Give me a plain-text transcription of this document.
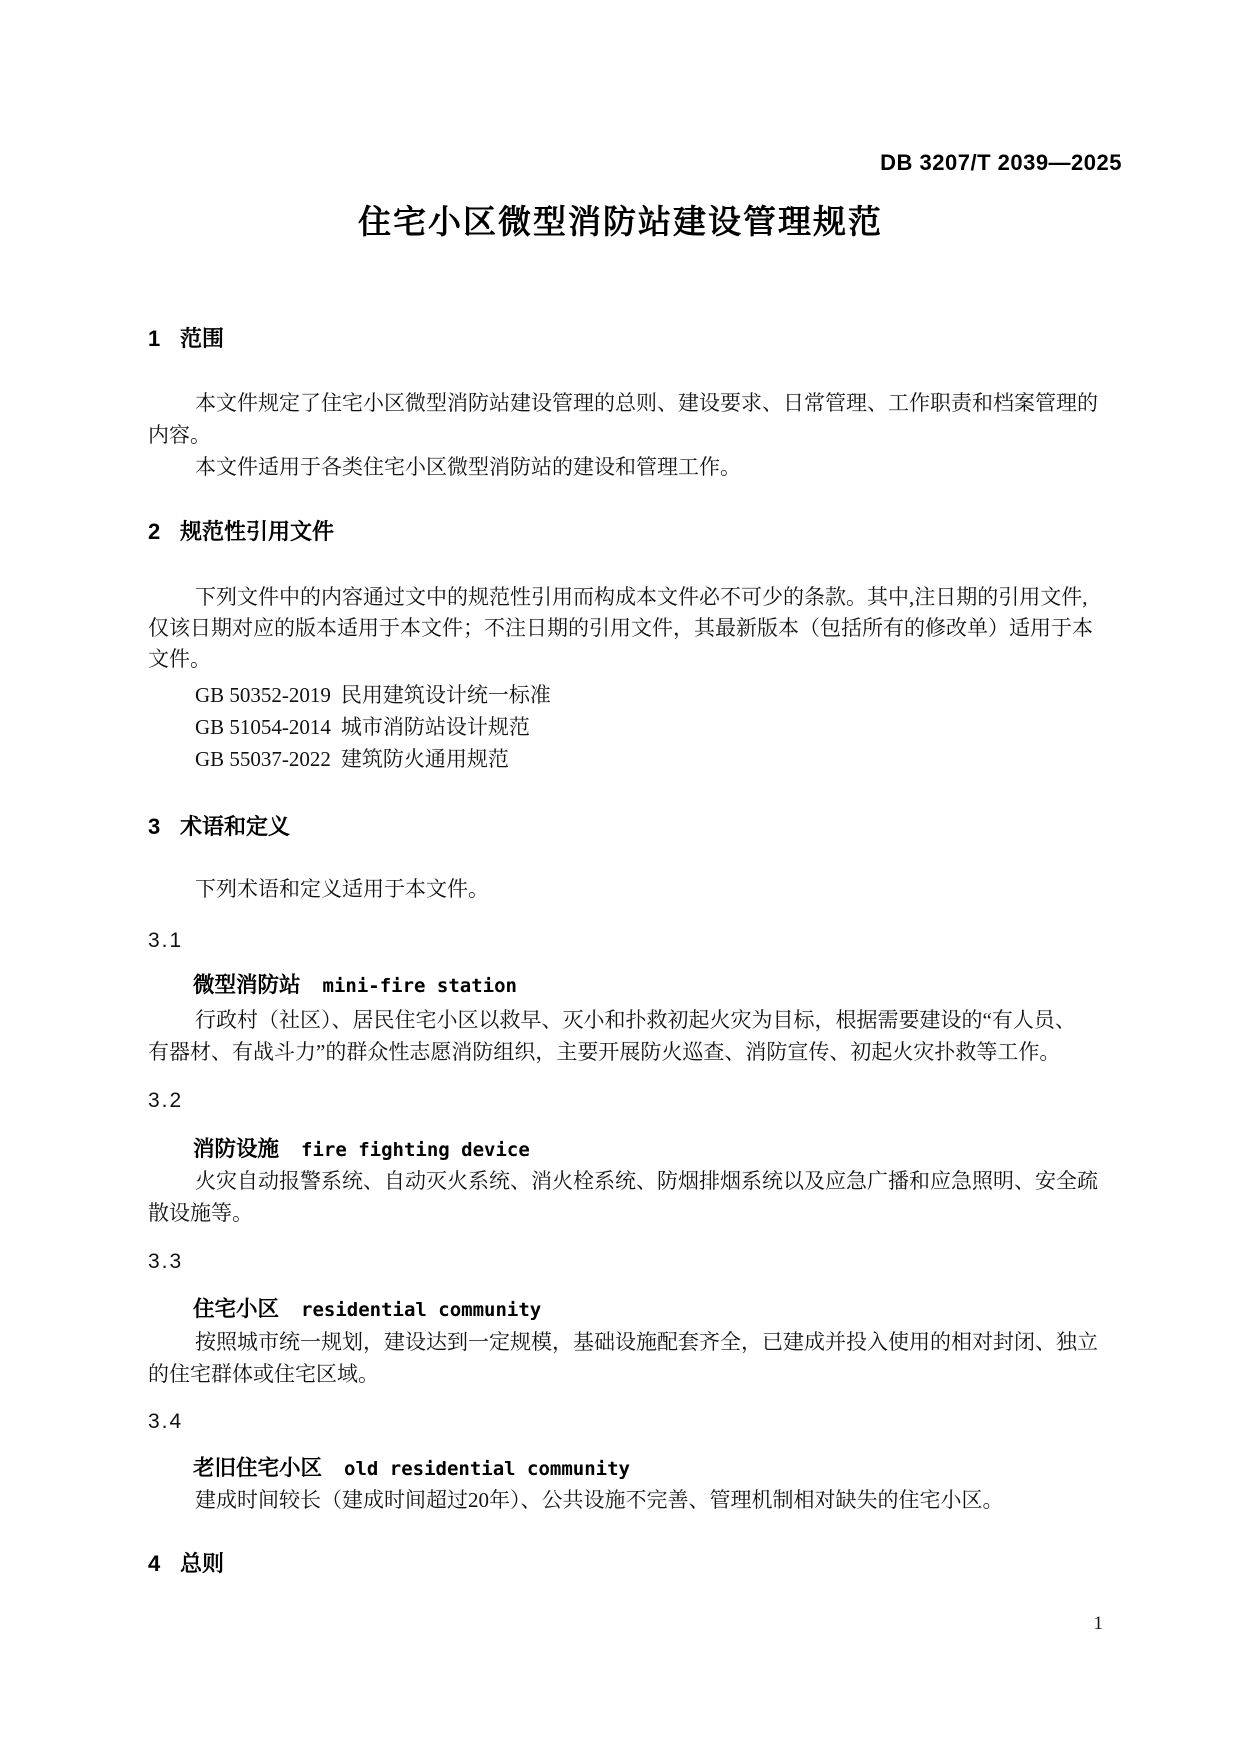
DB 3207/T 2039—2025
住宅小区微型消防站建设管理规范
1 范围
本文件规定了住宅小区微型消防站建设管理的总则、建设要求、日常管理、工作职责和档案管理的
内容。
本文件适用于各类住宅小区微型消防站的建设和管理工作。
2 规范性引用文件
下列文件中的内容通过文中的规范性引用而构成本文件必不可少的条款。其中,注日期的引用文件,
仅该日期对应的版本适用于本文件；不注日期的引用文件，其最新版本（包括所有的修改单）适用于本
文件。
GB 50352-2019 民用建筑设计统一标准
GB 51054-2014 城市消防站设计规范
GB 55037-2022 建筑防火通用规范
3 术语和定义
下列术语和定义适用于本文件。
3.1
微型消防站 mini-fire station
行政村（社区）、居民住宅小区以救早、灭小和扑救初起火灾为目标，根据需要建设的“有人员、
有器材、有战斗力”的群众性志愿消防组织，主要开展防火巡查、消防宣传、初起火灾扑救等工作。
3.2
消防设施 fire fighting device
火灾自动报警系统、自动灭火系统、消火栓系统、防烟排烟系统以及应急广播和应急照明、安全疏
散设施等。
3.3
住宅小区 residential community
按照城市统一规划，建设达到一定规模，基础设施配套齐全，已建成并投入使用的相对封闭、独立
的住宅群体或住宅区域。
3.4
老旧住宅小区 old residential community
建成时间较长（建成时间超过20年）、公共设施不完善、管理机制相对缺失的住宅小区。
4 总则
1
